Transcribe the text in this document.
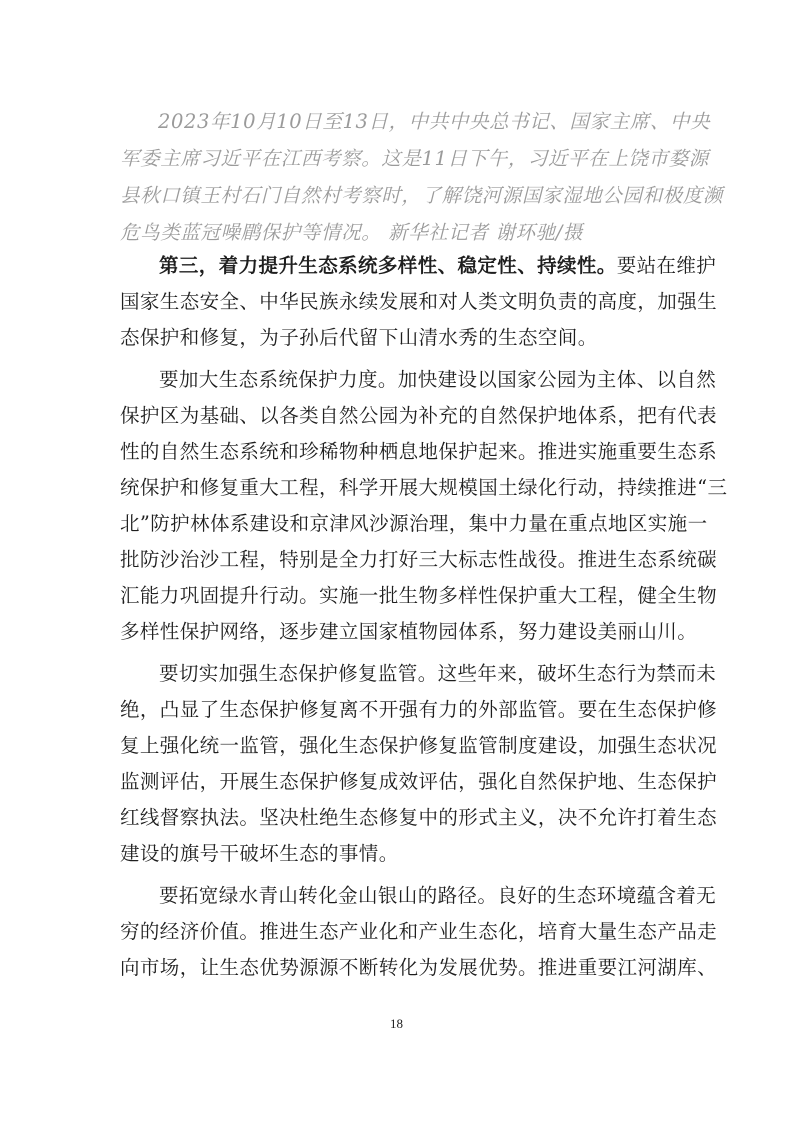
2023年10月10日至13日，中共中央总书记、国家主席、中央
军委主席习近平在江西考察。这是11日下午，习近平在上饶市婺源
县秋口镇王村石门自然村考察时，了解饶河源国家湿地公园和极度濒
危鸟类蓝冠噪鹛保护等情况。 新华社记者 谢环驰/摄
第三，着力提升生态系统多样性、稳定性、持续性。要站在维护
国家生态安全、中华民族永续发展和对人类文明负责的高度，加强生
态保护和修复，为子孙后代留下山清水秀的生态空间。
要加大生态系统保护力度。加快建设以国家公园为主体、以自然
保护区为基础、以各类自然公园为补充的自然保护地体系，把有代表
性的自然生态系统和珍稀物种栖息地保护起来。推进实施重要生态系
统保护和修复重大工程，科学开展大规模国土绿化行动，持续推进“三
北”防护林体系建设和京津风沙源治理，集中力量在重点地区实施一
批防沙治沙工程，特别是全力打好三大标志性战役。推进生态系统碳
汇能力巩固提升行动。实施一批生物多样性保护重大工程，健全生物
多样性保护网络，逐步建立国家植物园体系，努力建设美丽山川。
要切实加强生态保护修复监管。这些年来，破坏生态行为禁而未
绝，凸显了生态保护修复离不开强有力的外部监管。要在生态保护修
复上强化统一监管，强化生态保护修复监管制度建设，加强生态状况
监测评估，开展生态保护修复成效评估，强化自然保护地、生态保护
红线督察执法。坚决杜绝生态修复中的形式主义，决不允许打着生态
建设的旗号干破坏生态的事情。
要拓宽绿水青山转化金山银山的路径。良好的生态环境蕴含着无
穷的经济价值。推进生态产业化和产业生态化，培育大量生态产品走
向市场，让生态优势源源不断转化为发展优势。推进重要江河湖库、
18
